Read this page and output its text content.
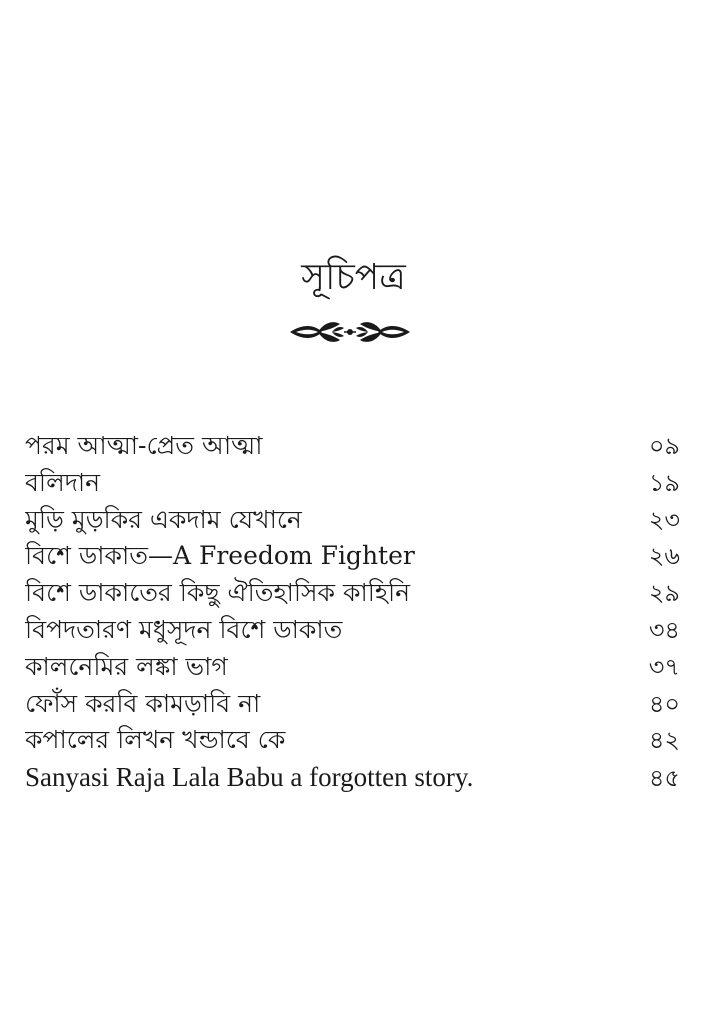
সূচিপত্র
পরম আত্মা-প্রেত আত্মা	০৯
বলিদান	১৯
মুড়ি মুড়কির একদাম যেখানে	২৩
বিশে ডাকাত—A Freedom Fighter	২৬
বিশে ডাকাতের কিছু ঐতিহাসিক কাহিনি	২৯
বিপদতারণ মধুসূদন বিশে ডাকাত	৩৪
কালনেমির লঙ্কা ভাগ	৩৭
ফোঁস করবি কামড়াবি না	৪০
কপালের লিখন খন্ডাবে কে	৪২
Sanyasi Raja Lala Babu a forgotten story.	৪৫
